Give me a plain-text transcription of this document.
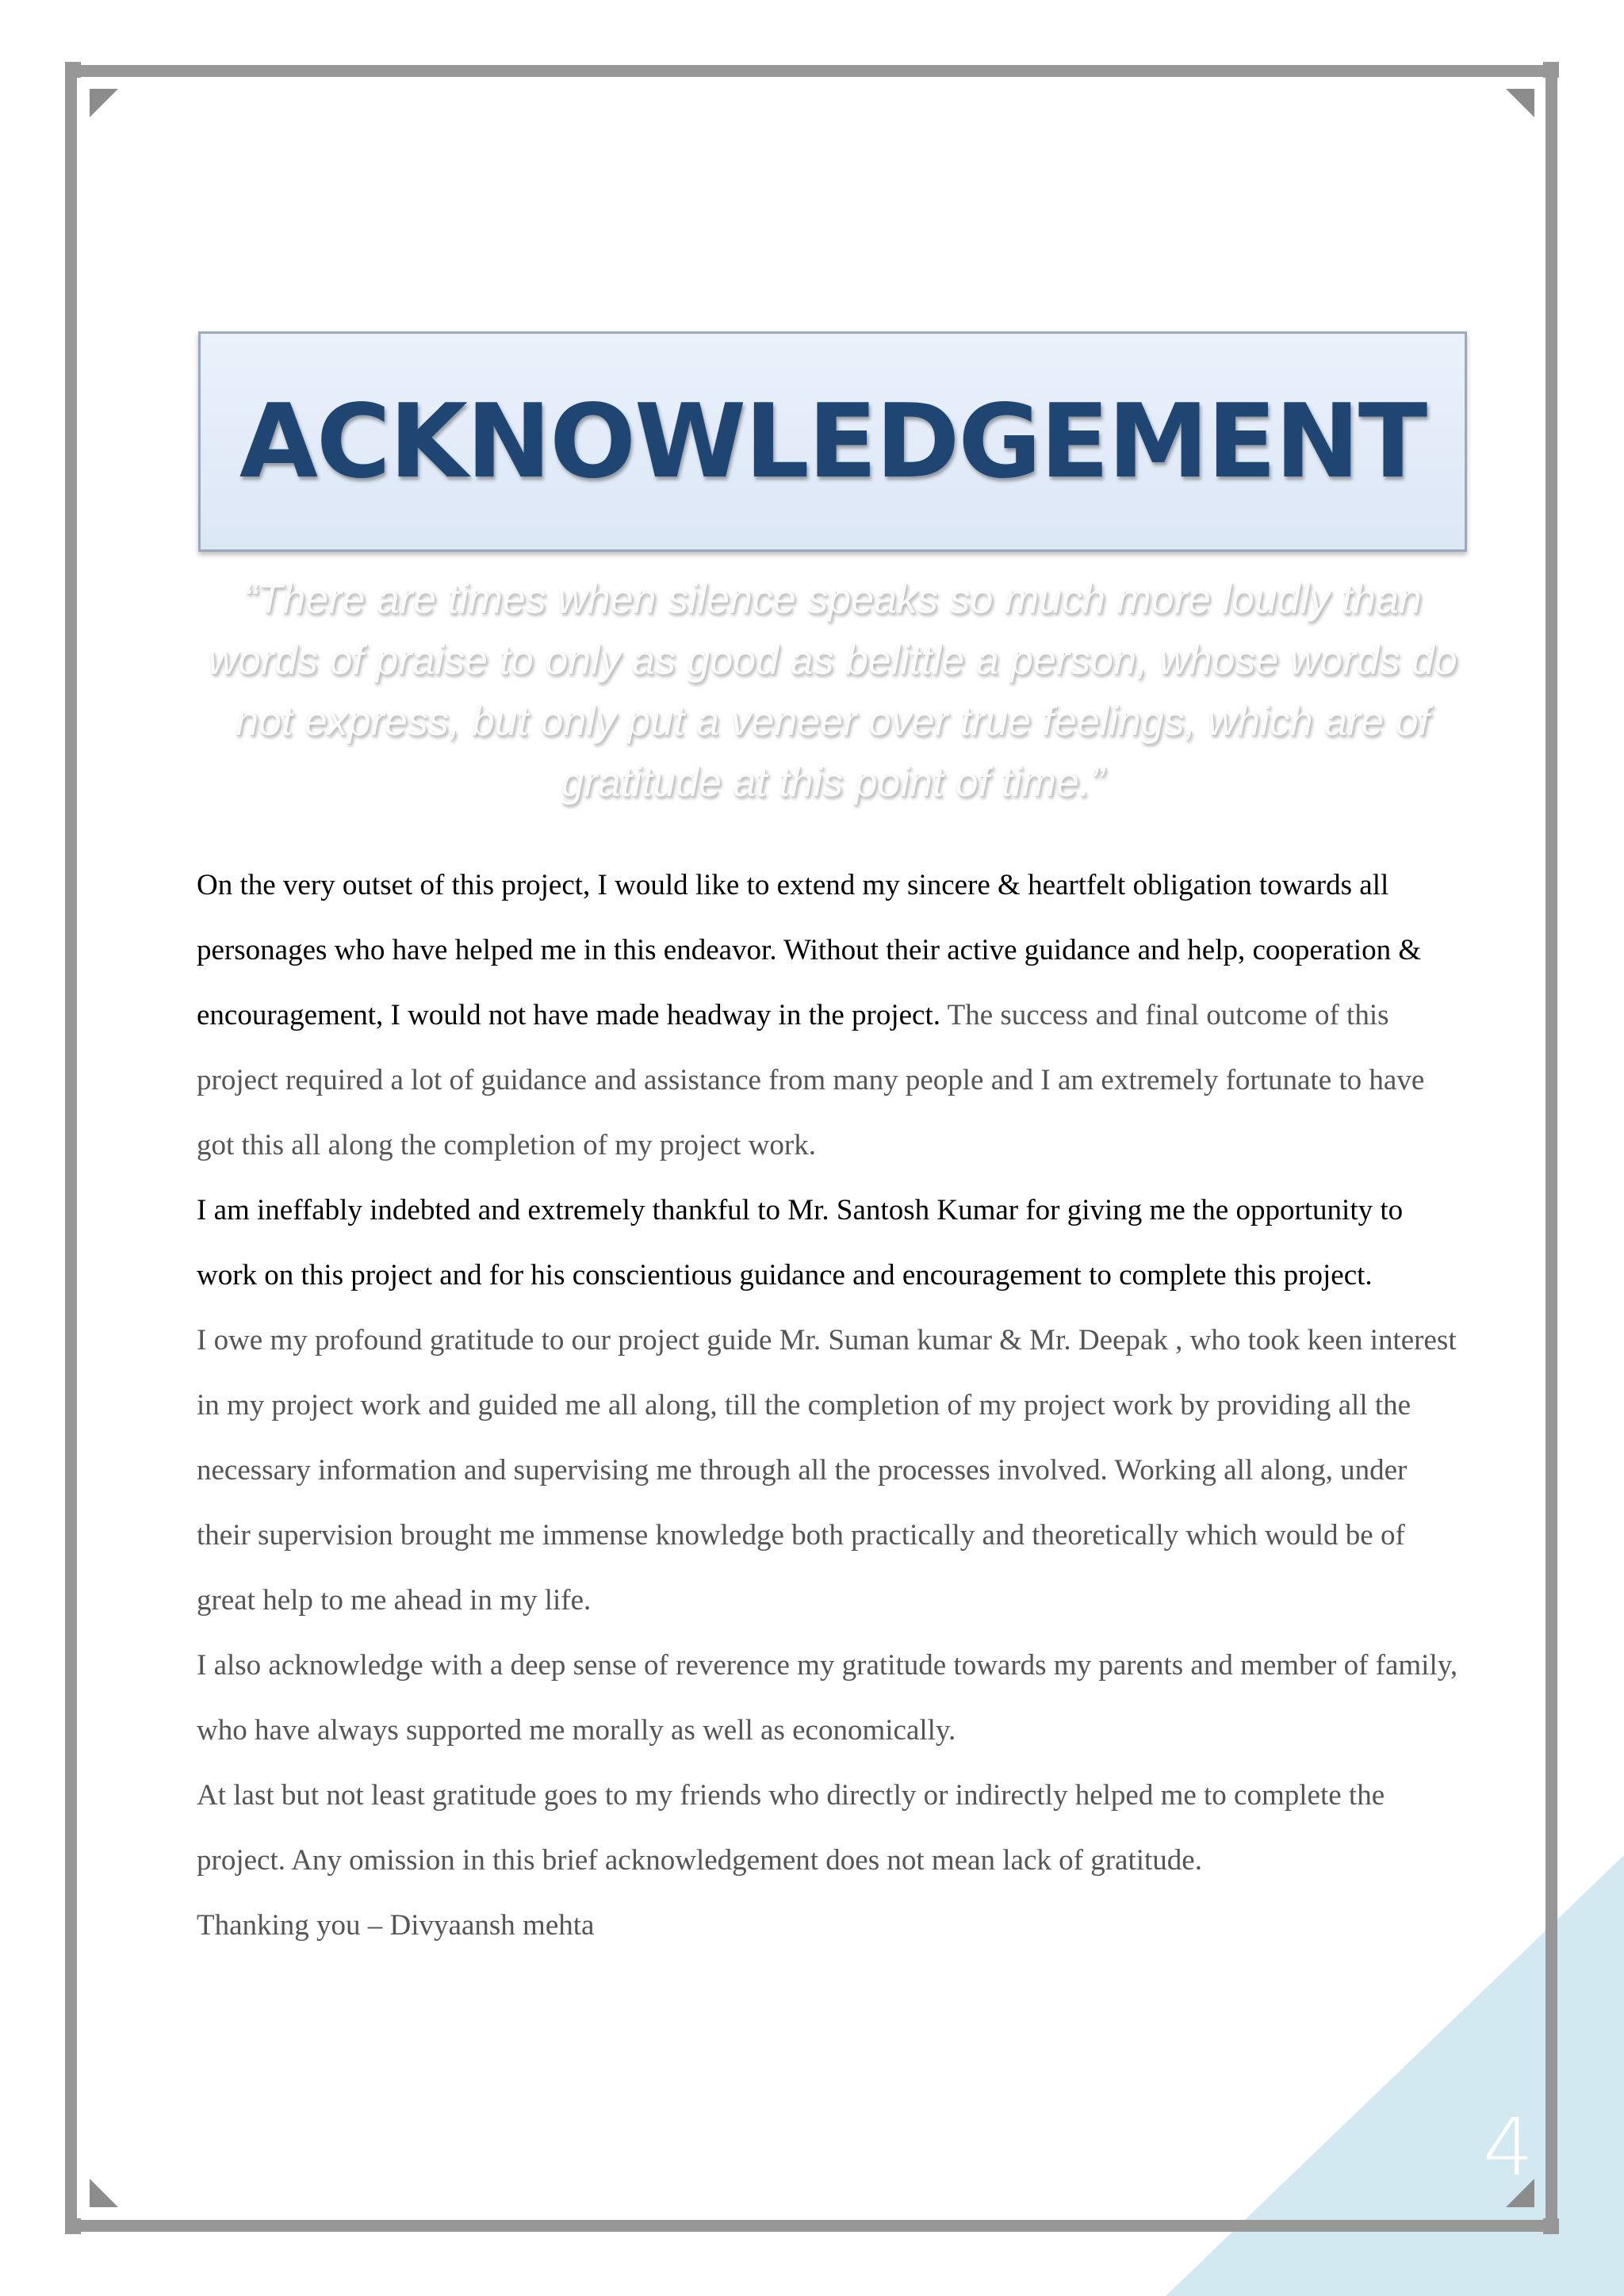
ACKNOWLEDGEMENT
“There are times when silence speaks so much more loudly than words of praise to only as good as belittle a person, whose words do not express, but only put a veneer over true feelings, which are of gratitude at this point of time.”

On the very outset of this project, I would like to extend my sincere & heartfelt obligation towards all personages who have helped me in this endeavor. Without their active guidance and help, cooperation & encouragement, I would not have made headway in the project. The success and final outcome of this project required a lot of guidance and assistance from many people and I am extremely fortunate to have got this all along the completion of my project work.

I am ineffably indebted and extremely thankful to Mr. Santosh Kumar for giving me the opportunity to work on this project and for his conscientious guidance and encouragement to complete this project.

I owe my profound gratitude to our project guide Mr. Suman kumar & Mr. Deepak , who took keen interest in my project work and guided me all along, till the completion of my project work by providing all the necessary information and supervising me through all the processes involved. Working all along, under their supervision brought me immense knowledge both practically and theoretically which would be of great help to me ahead in my life.

I also acknowledge with a deep sense of reverence my gratitude towards my parents and member of family, who have always supported me morally as well as economically.

At last but not least gratitude goes to my friends who directly or indirectly helped me to complete the project. Any omission in this brief acknowledgement does not mean lack of gratitude.

Thanking you – Divyaansh mehta

4
